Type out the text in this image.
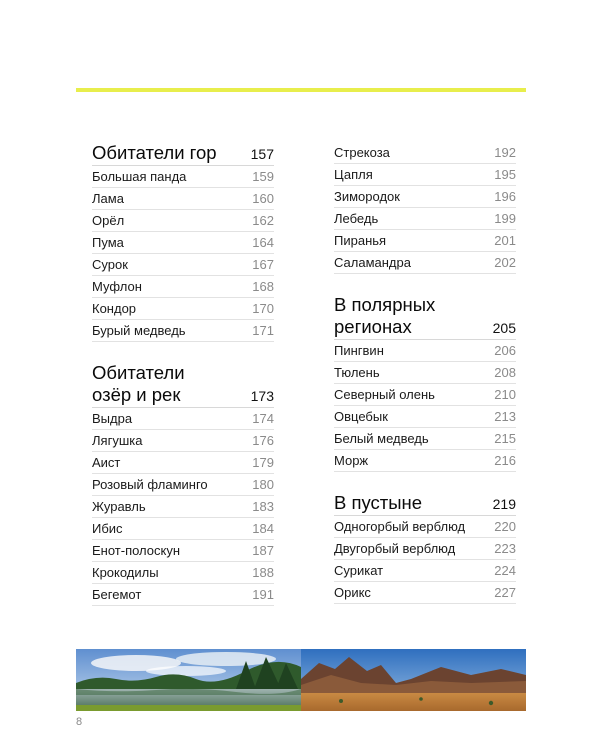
Обитатели гор 157
Большая панда	159
Лама	160
Орёл	162
Пума	164
Сурок	167
Муфлон	168
Кондор	170
Бурый медведь	171
Обитатели
озёр и рек	173
Выдра	174
Лягушка	176
Аист	179
Розовый фламинго	180
Журавль	183
Ибис	184
Енот-полоскун	187
Крокодилы	188
Бегемот	191
Стрекоза	192
Цапля	195
Зимородок	196
Лебедь	199
Пиранья	201
Саламандра	202
В полярных
регионах	205
Пингвин	206
Тюлень	208
Северный олень	210
Овцебык	213
Белый медведь	215
Морж	216
В пустыне	219
Одногорбый верблюд 220
Двугорбый верблюд	223
Сурикат	224
Орикс	227
8
